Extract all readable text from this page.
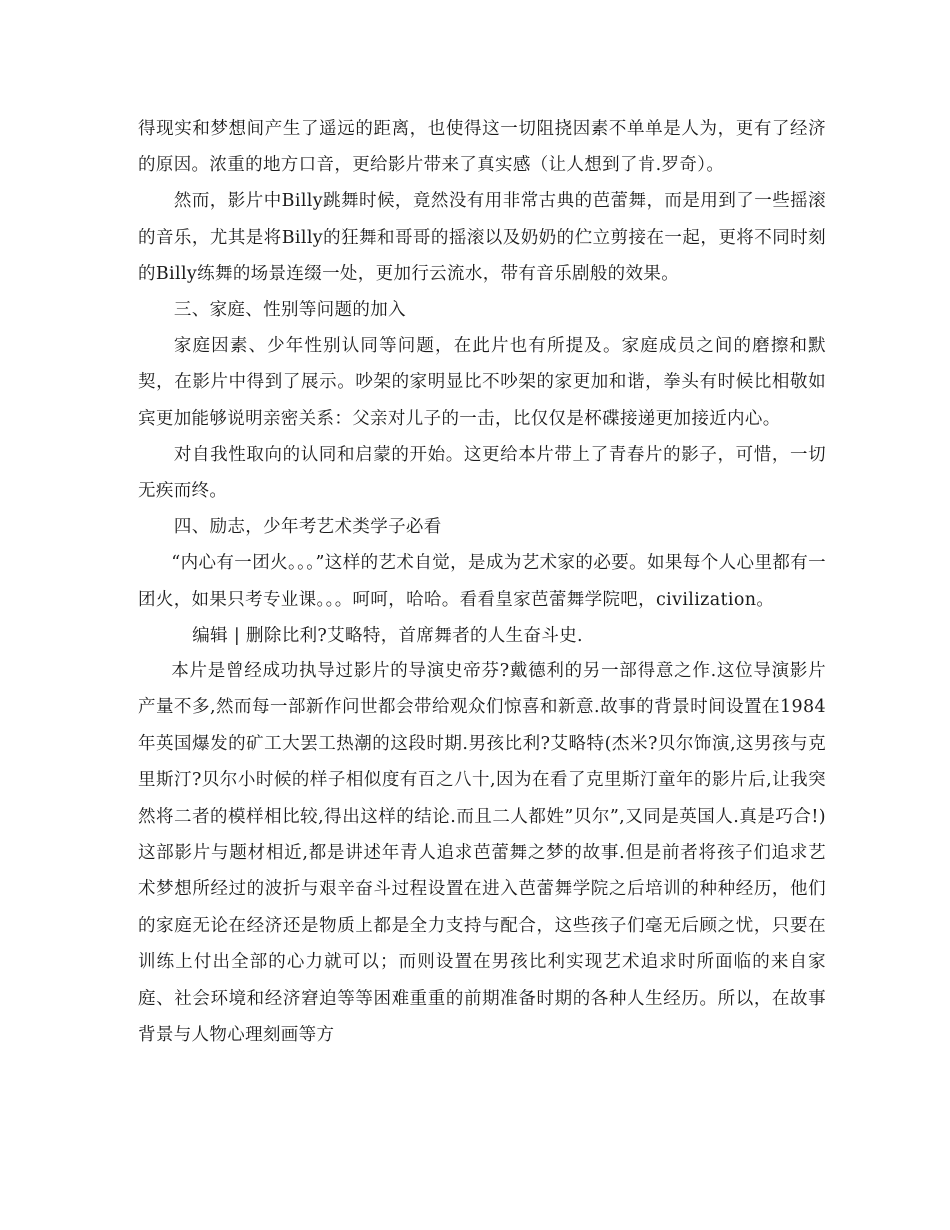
得现实和梦想间产生了遥远的距离，也使得这一切阻挠因素不单单是人为，更有了经济的原因。浓重的地方口音，更给影片带来了真实感（让人想到了肯.罗奇）。

然而，影片中Billy跳舞时候，竟然没有用非常古典的芭蕾舞，而是用到了一些摇滚的音乐，尤其是将Billy的狂舞和哥哥的摇滚以及奶奶的伫立剪接在一起，更将不同时刻的Billy练舞的场景连缀一处，更加行云流水，带有音乐剧般的效果。

三、家庭、性别等问题的加入

家庭因素、少年性别认同等问题，在此片也有所提及。家庭成员之间的磨擦和默契，在影片中得到了展示。吵架的家明显比不吵架的家更加和谐，拳头有时候比相敬如宾更加能够说明亲密关系：父亲对儿子的一击，比仅仅是杯碟接递更加接近内心。

对自我性取向的认同和启蒙的开始。这更给本片带上了青春片的影子，可惜，一切无疾而终。

四、励志，少年考艺术类学子必看

“内心有一团火。。。”这样的艺术自觉，是成为艺术家的必要。如果每个人心里都有一团火，如果只考专业课。。。呵呵，哈哈。看看皇家芭蕾舞学院吧，civilization。

编辑 | 删除比利?艾略特，首席舞者的人生奋斗史.

本片是曾经成功执导过影片的导演史帝芬?戴德利的另一部得意之作.这位导演影片产量不多,然而每一部新作问世都会带给观众们惊喜和新意.故事的背景时间设置在1984年英国爆发的矿工大罢工热潮的这段时期.男孩比利?艾略特(杰米?贝尔饰演,这男孩与克里斯汀?贝尔小时候的样子相似度有百之八十,因为在看了克里斯汀童年的影片后,让我突然将二者的模样相比较,得出这样的结论.而且二人都姓”贝尔”,又同是英国人.真是巧合!)这部影片与题材相近,都是讲述年青人追求芭蕾舞之梦的故事.但是前者将孩子们追求艺术梦想所经过的波折与艰辛奋斗过程设置在进入芭蕾舞学院之后培训的种种经历，他们的家庭无论在经济还是物质上都是全力支持与配合，这些孩子们毫无后顾之忧，只要在训练上付出全部的心力就可以；而则设置在男孩比利实现艺术追求时所面临的来自家庭、社会环境和经济窘迫等等困难重重的前期准备时期的各种人生经历。所以，在故事背景与人物心理刻画等方
